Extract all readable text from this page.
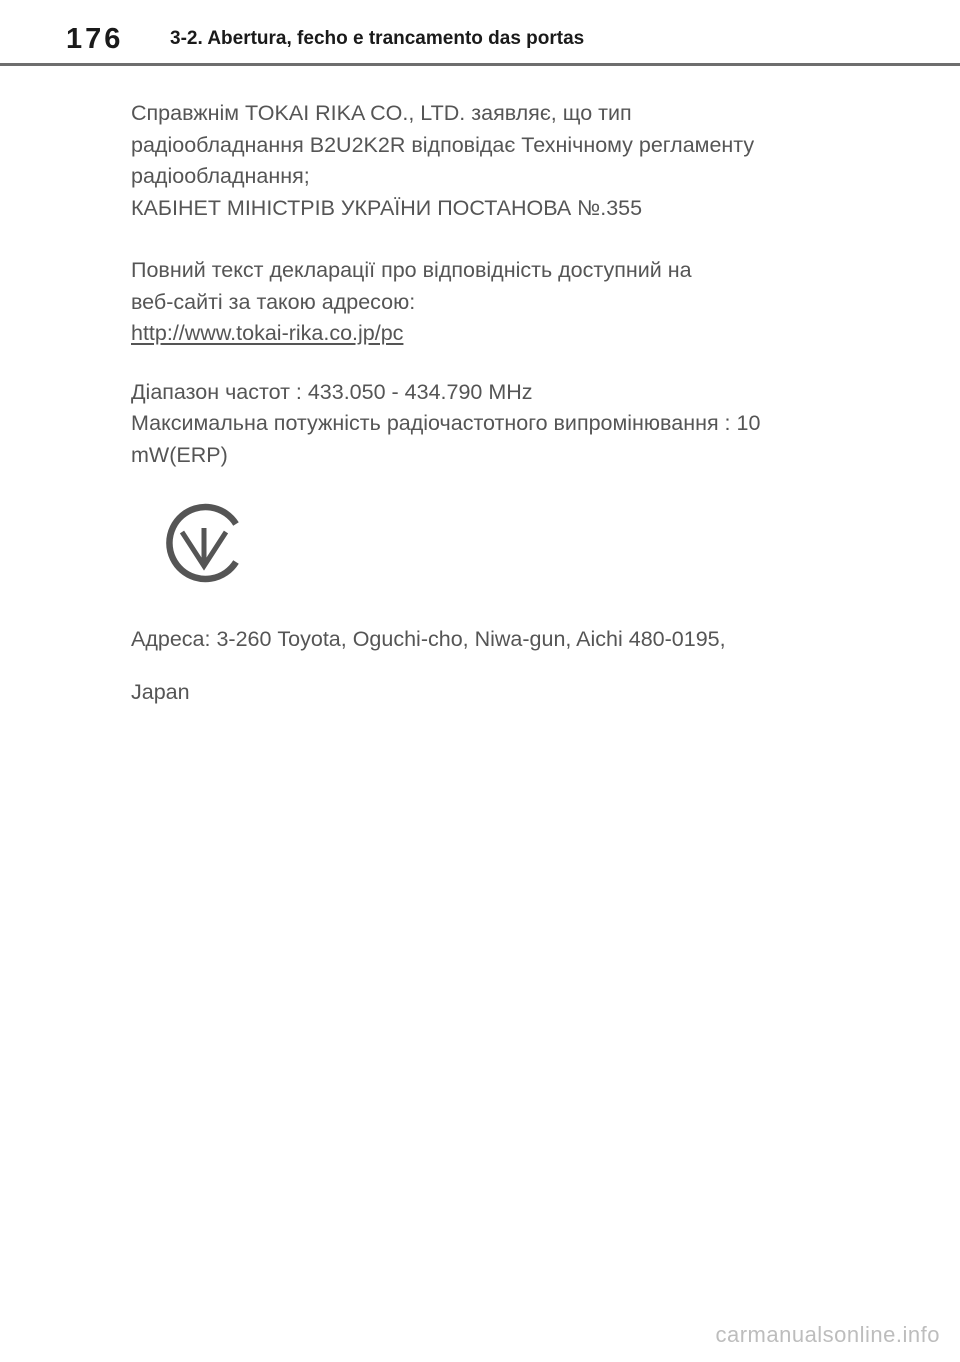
176 3-2. Abertura, fecho e trancamento das portas

Справжнім TOKAI RIKA CO., LTD. заявляє, що тип

радіообладнання B2U2K2R відповідає Технічному регламенту

радіообладнання;

КАБІНЕТ МІНІСТРІВ УКРАЇНИ ПОСТАНОВА №.355

Повний текст декларації про відповідність доступний на

веб-сайті за такою адресою:

http://www.tokai-rika.co.jp/pc

Діапазон частот : 433.050 - 434.790 MHz

Максимальна потужність радіочастотного випромінювання : 10

mW(ERP)

Адреса: 3-260 Toyota, Oguchi-cho, Niwa-gun, Aichi 480-0195,

Japan

carmanualsonline.info
